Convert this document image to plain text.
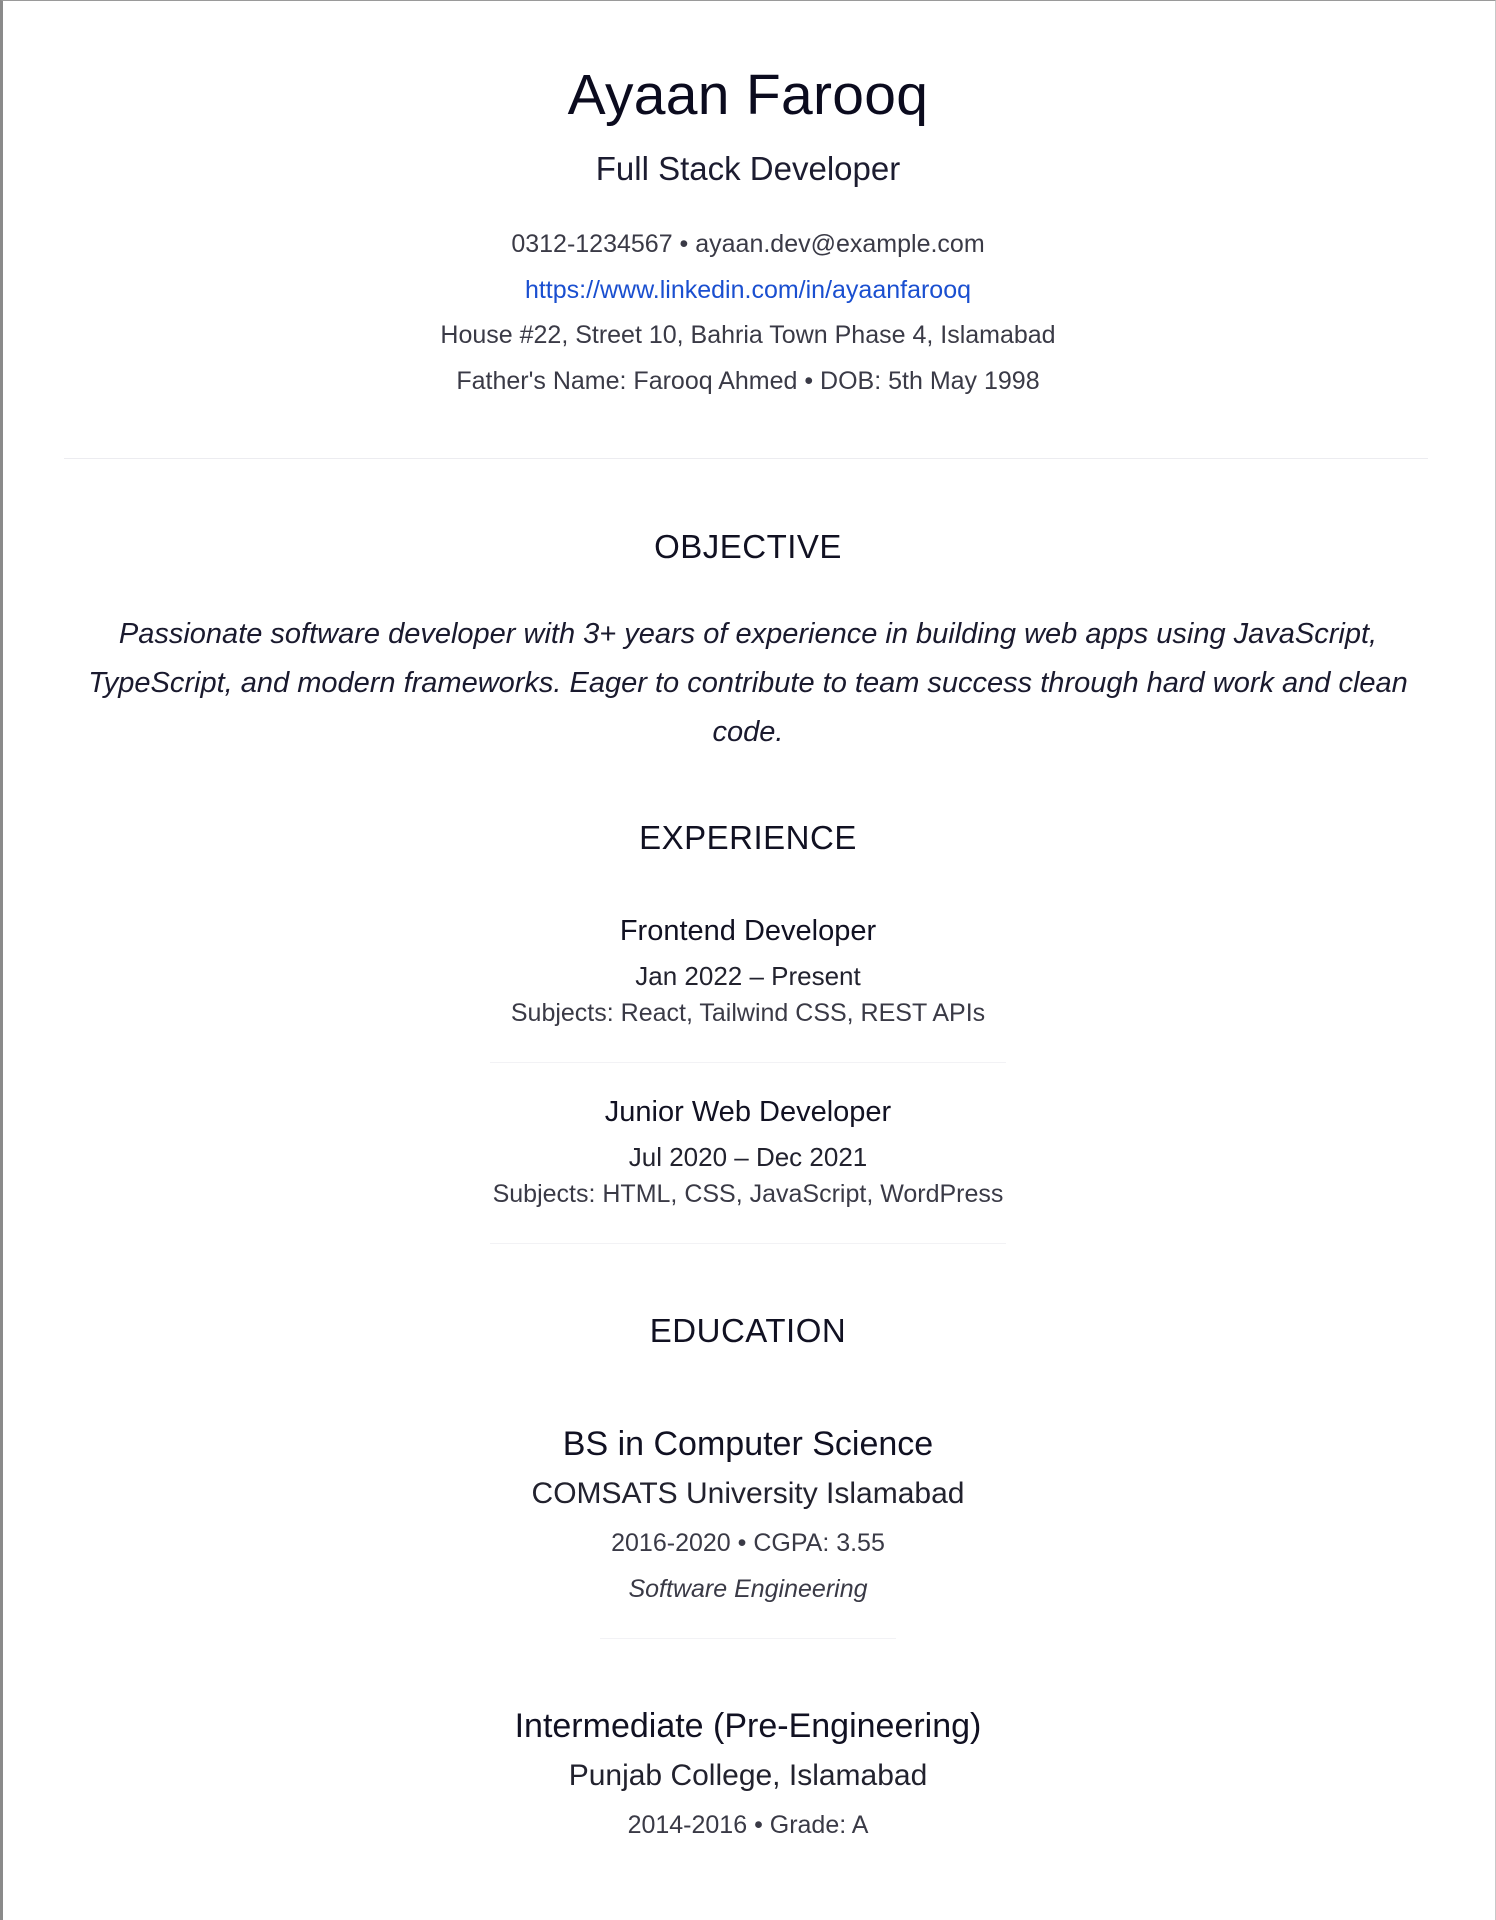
Ayaan Farooq
Full Stack Developer
0312-1234567 • ayaan.dev@example.com
https://www.linkedin.com/in/ayaanfarooq
House #22, Street 10, Bahria Town Phase 4, Islamabad
Father's Name: Farooq Ahmed • DOB: 5th May 1998
OBJECTIVE
Passionate software developer with 3+ years of experience in building web apps using JavaScript, TypeScript, and modern frameworks. Eager to contribute to team success through hard work and clean code.
EXPERIENCE
Frontend Developer
Jan 2022 – Present
Subjects: React, Tailwind CSS, REST APIs
Junior Web Developer
Jul 2020 – Dec 2021
Subjects: HTML, CSS, JavaScript, WordPress
EDUCATION
BS in Computer Science
COMSATS University Islamabad
2016-2020 • CGPA: 3.55
Software Engineering
Intermediate (Pre-Engineering)
Punjab College, Islamabad
2014-2016 • Grade: A
